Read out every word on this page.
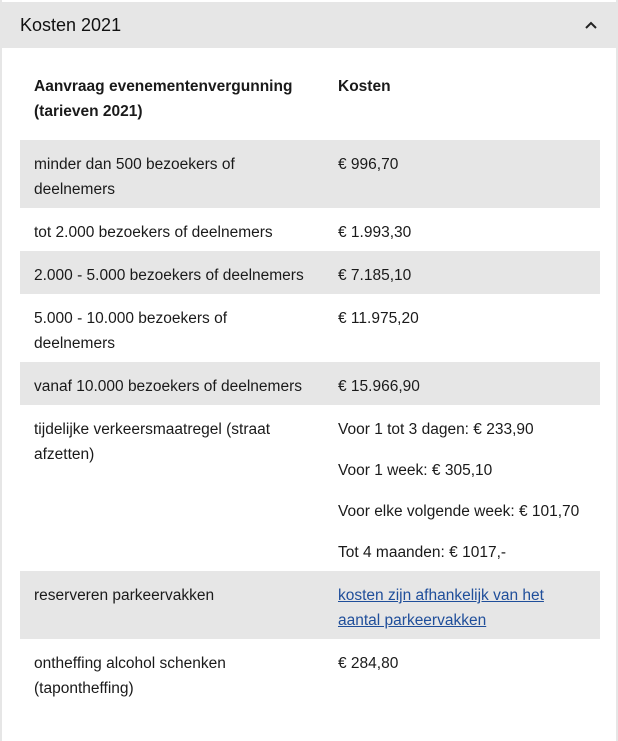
Kosten 2021
Aanvraag evenementenvergunning (tarieven 2021)	Kosten
minder dan 500 bezoekers of deelnemers	€ 996,70
tot 2.000 bezoekers of deelnemers	€ 1.993,30
2.000 - 5.000 bezoekers of deelnemers	€ 7.185,10
5.000 - 10.000 bezoekers of deelnemers	€ 11.975,20
vanaf 10.000 bezoekers of deelnemers	€ 15.966,90
tijdelijke verkeersmaatregel (straat afzetten)	Voor 1 tot 3 dagen: € 233,90

Voor 1 week: € 305,10

Voor elke volgende week: € 101,70

Tot 4 maanden: € 1017,-

reserveren parkeervakken	kosten zijn afhankelijk van het aantal parkeervakken
ontheffing alcohol schenken (tapontheffing)	€ 284,80
